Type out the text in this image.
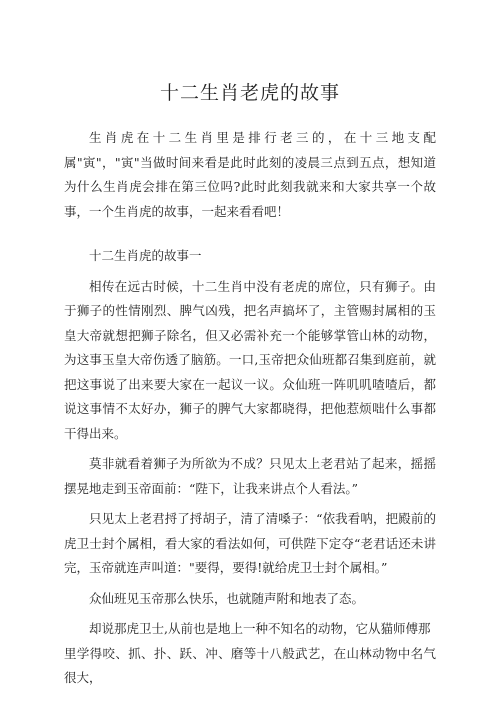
十二生肖老虎的故事

生肖虎在十二生肖里是排行老三的，在十三地支配属"寅"，"寅"当做时间来看是此时此刻的凌晨三点到五点，想知道为什么生肖虎会排在第三位吗?此时此刻我就来和大家共享一个故事，一个生肖虎的故事，一起来看看吧！

十二生肖虎的故事一

相传在远古时候，十二生肖中没有老虎的席位，只有狮子。由于狮子的性情刚烈、脾气凶残，把名声搞坏了，主管赐封属相的玉皇大帝就想把狮子除名，但又必需补充一个能够掌管山林的动物，为这事玉皇大帝伤透了脑筋。一口,玉帝把众仙班都召集到庭前，就把这事说了出来要大家在一起议一议。众仙班一阵叽叽喳喳后，都说这事情不太好办，狮子的脾气大家都晓得，把他惹烦咄什么事都干得出来。

莫非就看着狮子为所欲为不成？只见太上老君站了起来，摇摇摆晃地走到玉帝面前：“陛下，让我来讲点个人看法。”

只见太上老君捋了捋胡子，清了清嗓子：“依我看呐，把殿前的虎卫士封个属相，看大家的看法如何，可供陛下定夺“老君话还未讲完，玉帝就连声叫道："要得，要得!就给虎卫士封个属相。”

众仙班见玉帝那么快乐，也就随声附和地表了态。

却说那虎卫士,从前也是地上一种不知名的动物，它从猫师傅那

里学得咬、抓、扑、跃、冲、磨等十八般武艺，在山林动物中名气很大，
